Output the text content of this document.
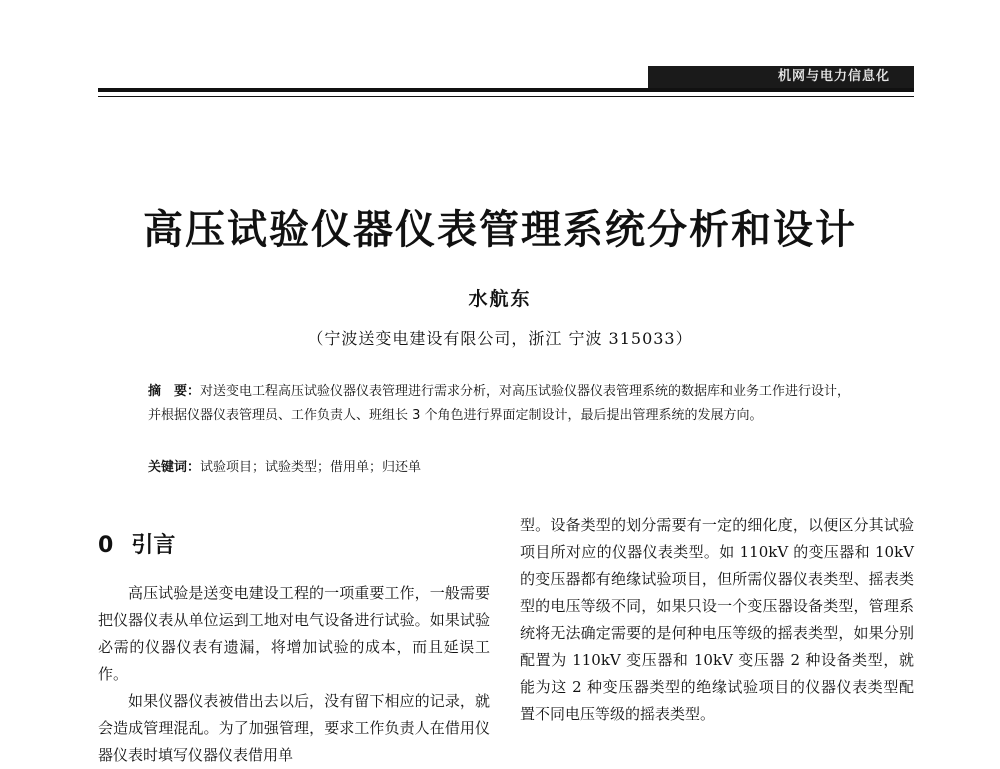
机网与电力信息化
高压试验仪器仪表管理系统分析和设计
水航东
（宁波送变电建设有限公司，浙江 宁波 315033）
摘　要：对送变电工程高压试验仪器仪表管理进行需求分析，对高压试验仪器仪表管理系统的数据库和业务工作进行设计，并根据仪器仪表管理员、工作负责人、班组长 3 个角色进行界面定制设计，最后提出管理系统的发展方向。
关键词：试验项目；试验类型；借用单；归还单
0 引言

高压试验是送变电建设工程的一项重要工作，一般需要把仪器仪表从单位运到工地对电气设备进行试验。如果试验必需的仪器仪表有遗漏，将增加试验的成本，而且延误工作。

如果仪器仪表被借出去以后，没有留下相应的记录，就会造成管理混乱。为了加强管理，要求工作负责人在借用仪器仪表时填写仪器仪表借用单

型。设备类型的划分需要有一定的细化度，以便区分其试验项目所对应的仪器仪表类型。如 110kV 的变压器和 10kV 的变压器都有绝缘试验项目，但所需仪器仪表类型、摇表类型的电压等级不同，如果只设一个变压器设备类型，管理系统将无法确定需要的是何种电压等级的摇表类型，如果分别配置为 110kV 变压器和 10kV 变压器 2 种设备类型，就能为这 2 种变压器类型的绝缘试验项目的仪器仪表类型配置不同电压等级的摇表类型。
